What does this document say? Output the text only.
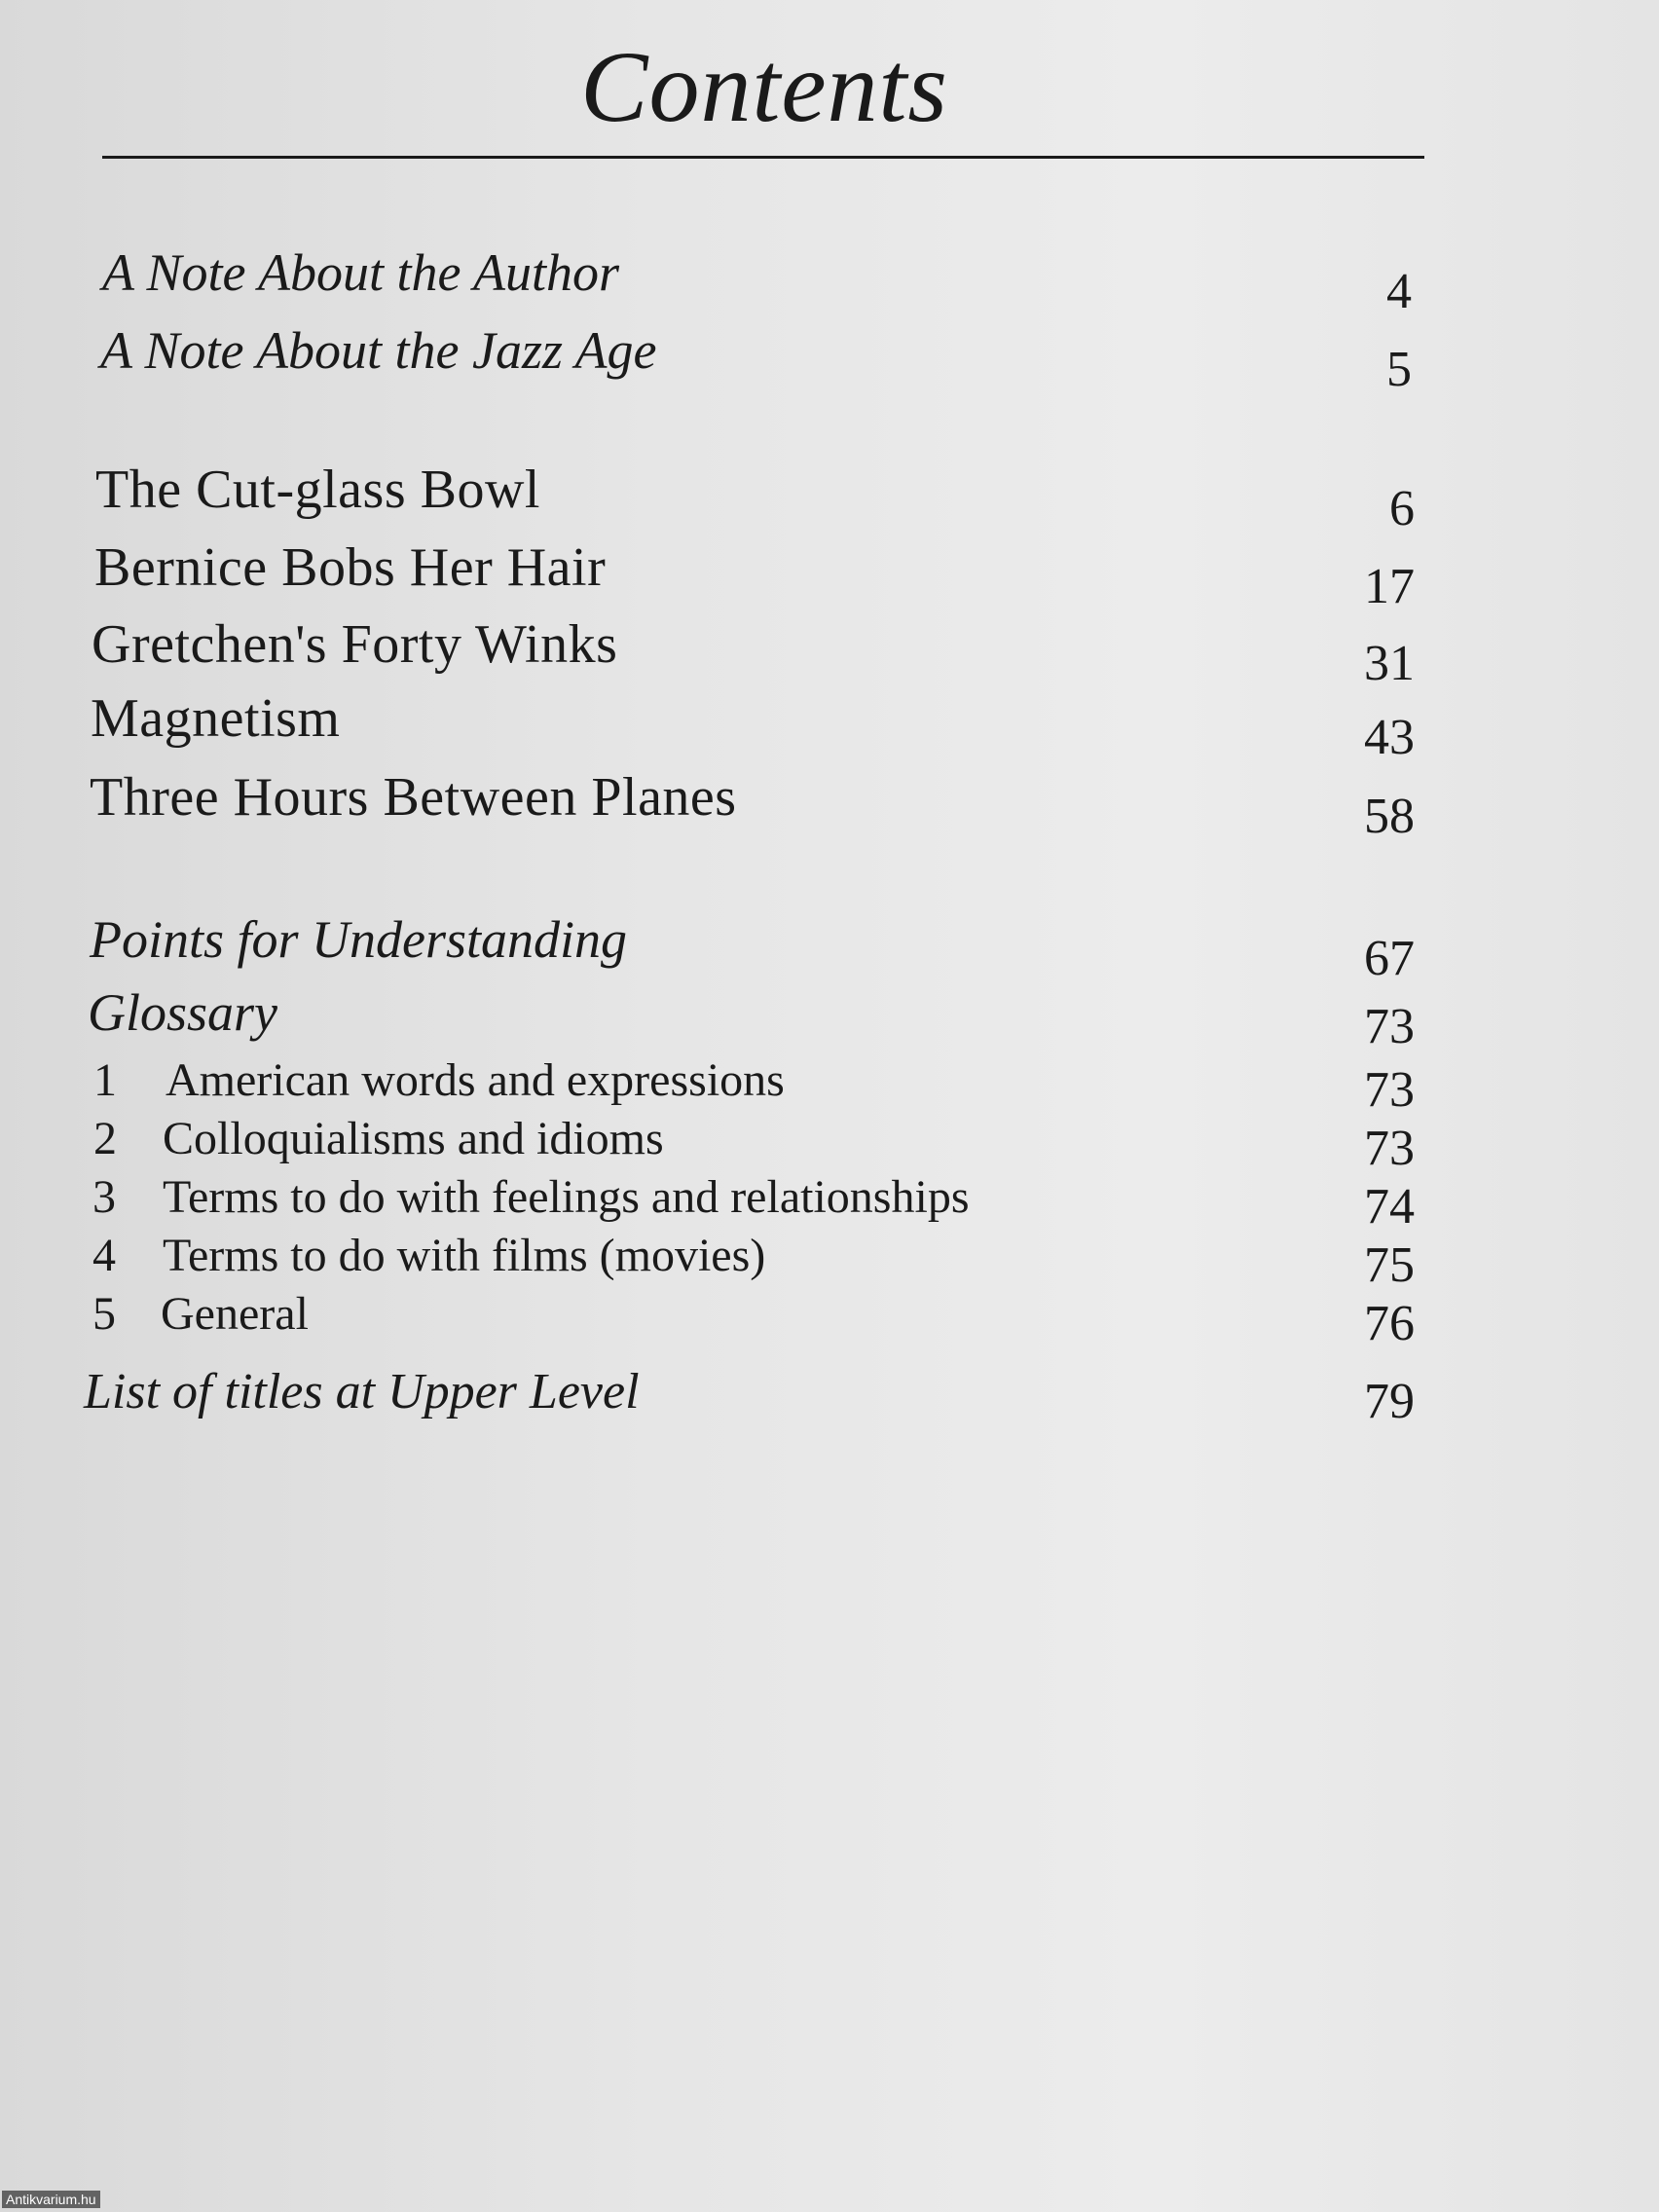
Contents
A Note About the Author	4
A Note About the Jazz Age	5
The Cut-glass Bowl	6
Bernice Bobs Her Hair	17
Gretchen's Forty Winks	31
Magnetism	43
Three Hours Between Planes	58
Points for Understanding	67
Glossary	73
1 American words and expressions	73
2 Colloquialisms and idioms	73
3 Terms to do with feelings and relationships	74
4 Terms to do with films (movies)	75
5 General	76
List of titles at Upper Level	79
Antikvarium.hu
